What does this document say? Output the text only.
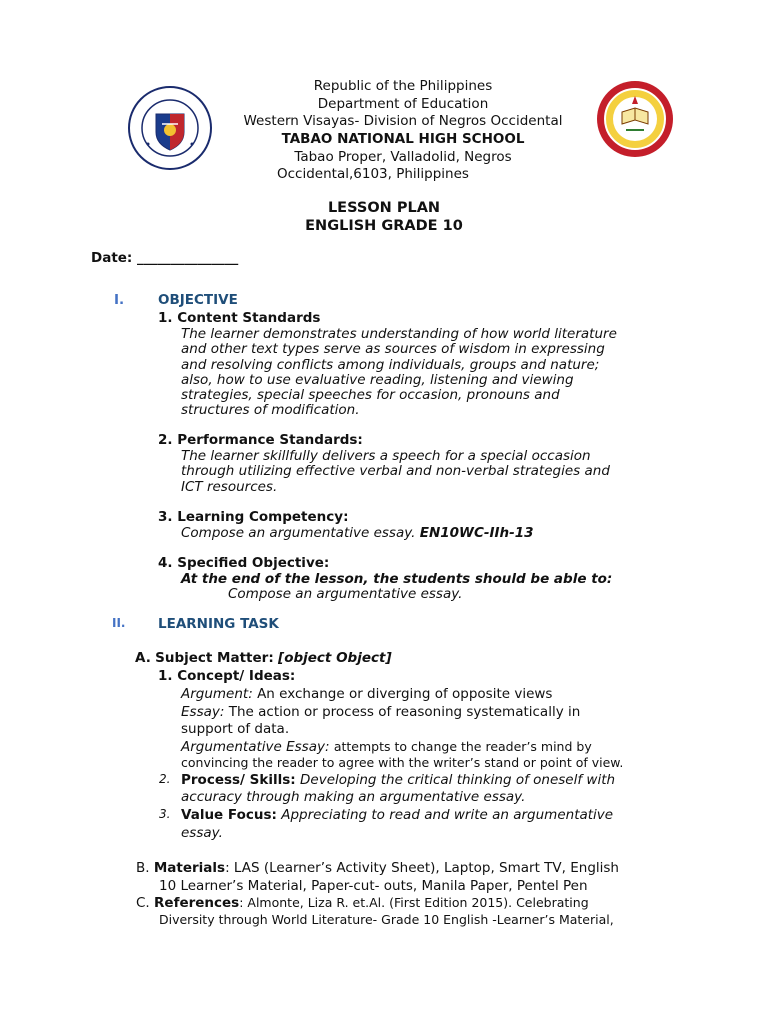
Republic of the Philippines
Department of Education
Western Visayas- Division of Negros Occidental
TABAO NATIONAL HIGH SCHOOL
Tabao Proper, Valladolid, Negros
Occidental,6103, Philippines
LESSON PLAN
ENGLISH GRADE 10
Date: _______________
I.	OBJECTIVE
1. Content Standards
The learner demonstrates understanding of how world literature
and other text types serve as sources of wisdom in expressing
and resolving conflicts among individuals, groups and nature;
also, how to use evaluative reading, listening and viewing
strategies, special speeches for occasion, pronouns and
structures of modification.
2. Performance Standards:
The learner skillfully delivers a speech for a special occasion
through utilizing effective verbal and non-verbal strategies and
ICT resources.
3. Learning Competency:
Compose an argumentative essay. EN10WC-IIh-13
4. Specified Objective:
At the end of the lesson, the students should be able to:
Compose an argumentative essay.
II. LEARNING TASK
A. Subject Matter: [object Object]
1. Concept/ Ideas:
Argument: An exchange or diverging of opposite views
Essay: The action or process of reasoning systematically in
support of data.
Argumentative Essay: attempts to change the reader’s mind by
convincing the reader to agree with the writer’s stand or point of view.
2. Process/ Skills: Developing the critical thinking of oneself with
accuracy through making an argumentative essay.
3. Value Focus: Appreciating to read and write an argumentative
essay.
B. Materials: LAS (Learner’s Activity Sheet), Laptop, Smart TV, English
10 Learner’s Material, Paper-cut- outs, Manila Paper, Pentel Pen
C. References: Almonte, Liza R. et.Al. (First Edition 2015). Celebrating
Diversity through World Literature- Grade 10 English -Learner’s Material,
